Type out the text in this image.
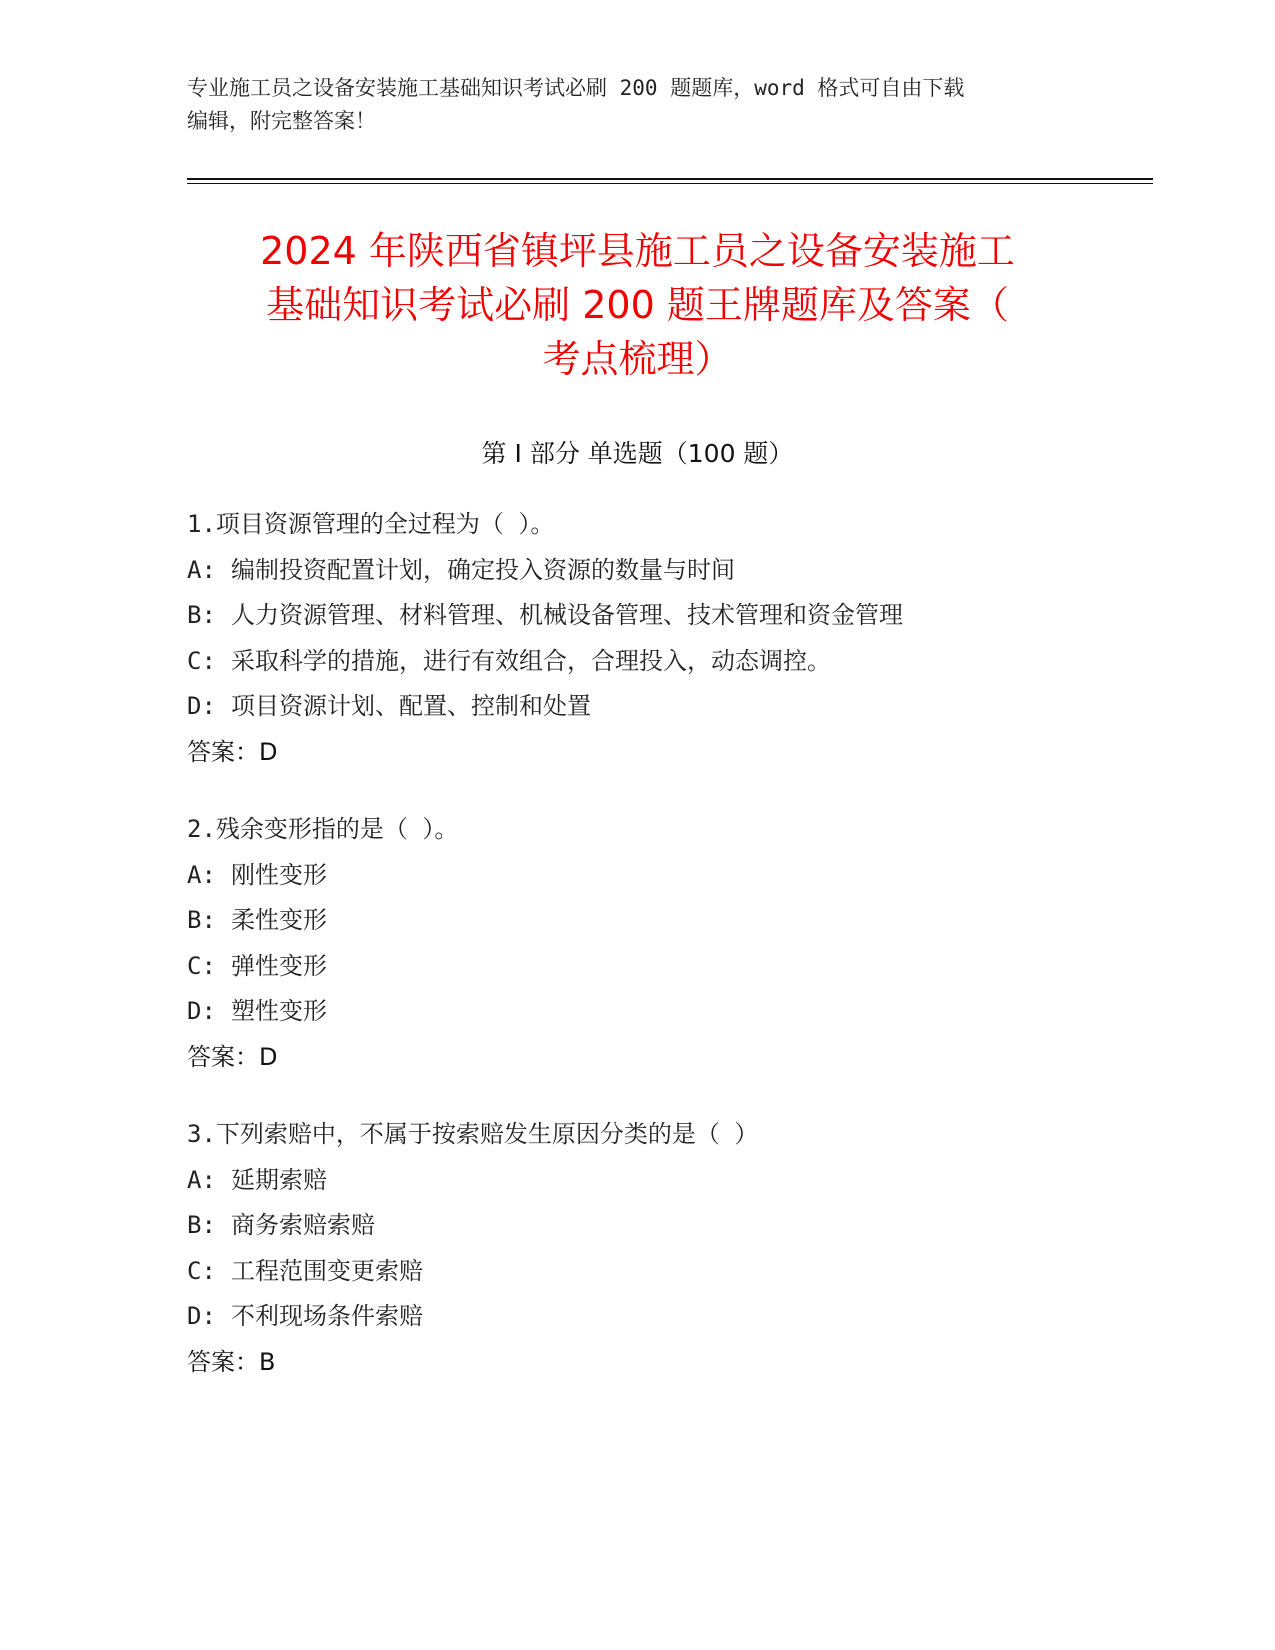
专业施工员之设备安装施工基础知识考试必刷 200 题题库，word 格式可自由下载
编辑，附完整答案！
2024 年陕西省镇坪县施工员之设备安装施工
基础知识考试必刷 200 题王牌题库及答案（
考点梳理）
第 I 部分 单选题（100 题）
1.项目资源管理的全过程为（ ）。
A: 编制投资配置计划，确定投入资源的数量与时间
B: 人力资源管理、材料管理、机械设备管理、技术管理和资金管理
C: 采取科学的措施，进行有效组合，合理投入，动态调控。
D: 项目资源计划、配置、控制和处置
答案：D
2.残余变形指的是（ ）。
A: 刚性变形
B: 柔性变形
C: 弹性变形
D: 塑性变形
答案：D
3.下列索赔中，不属于按索赔发生原因分类的是（ ）
A: 延期索赔
B: 商务索赔索赔
C: 工程范围变更索赔
D: 不利现场条件索赔
答案：B
